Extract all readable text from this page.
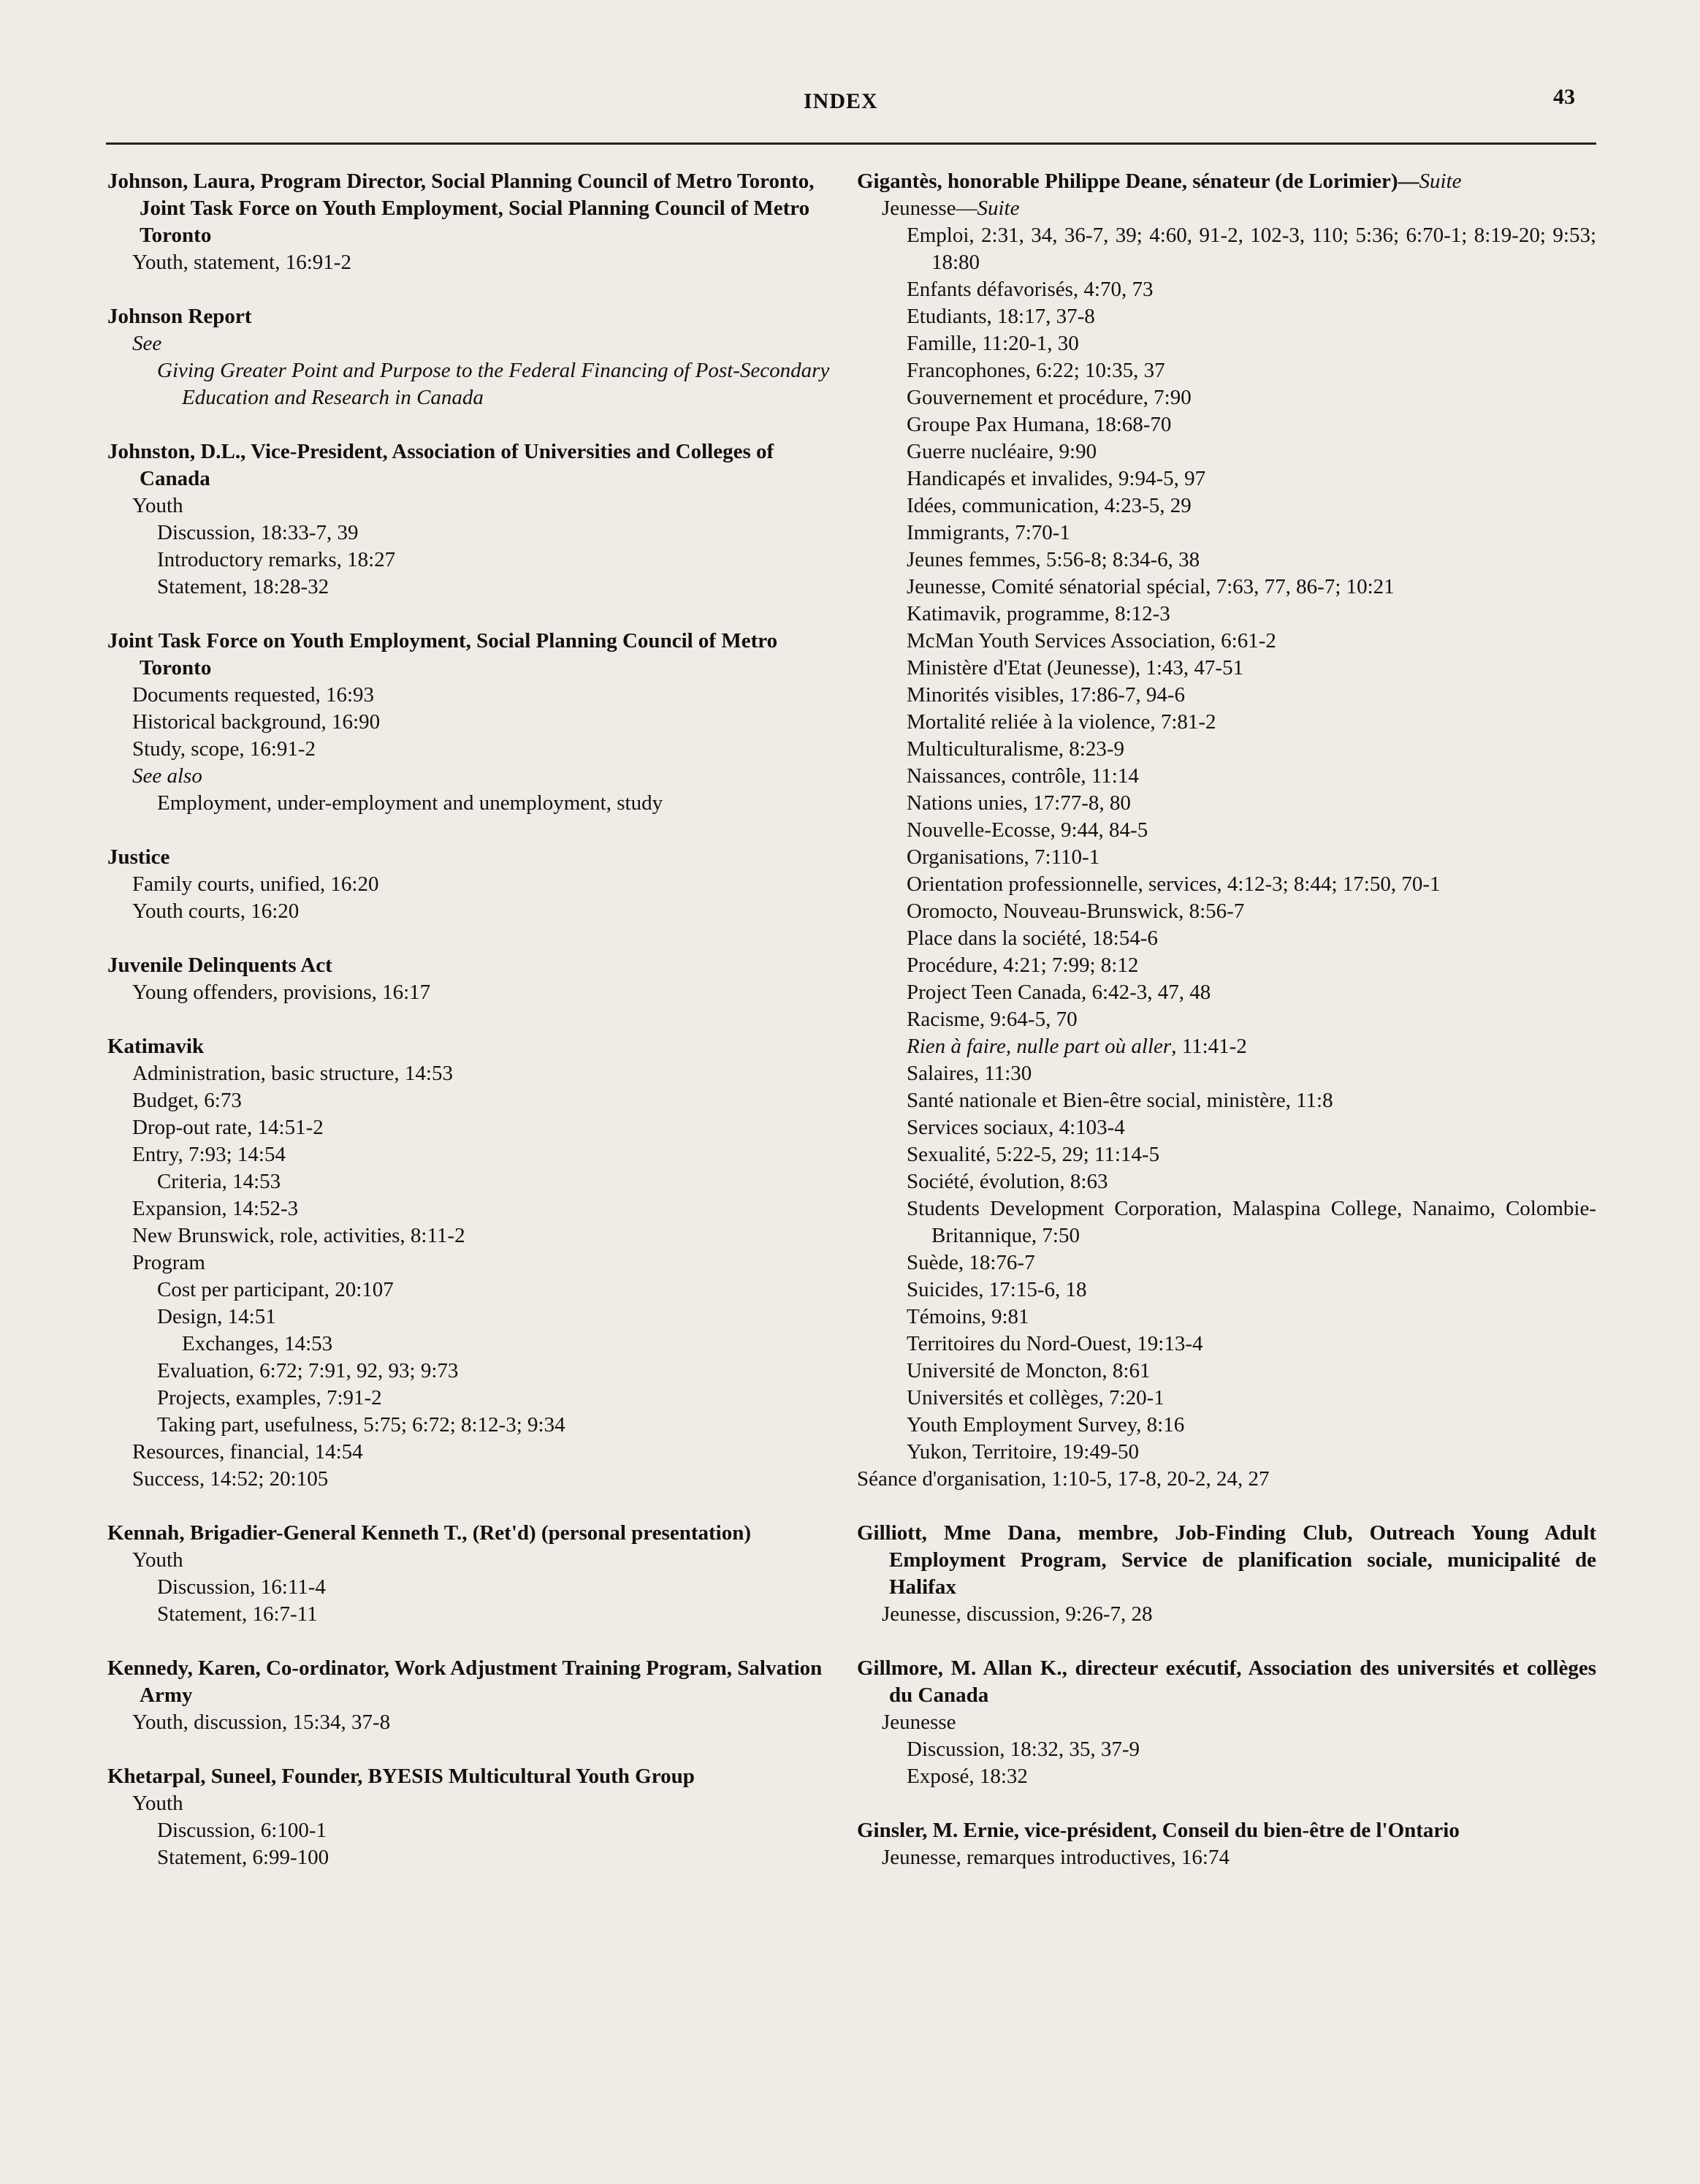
INDEX	43
Johnson, Laura, Program Director, Social Planning Council of Metro Toronto, Joint Task Force on Youth Employment, Social Planning Council of Metro Toronto
Youth, statement, 16:91-2
Johnson Report
See
Giving Greater Point and Purpose to the Federal Financing of Post-Secondary Education and Research in Canada
Johnston, D.L., Vice-President, Association of Universities and Colleges of Canada
Youth
Discussion, 18:33-7, 39
Introductory remarks, 18:27
Statement, 18:28-32
Joint Task Force on Youth Employment, Social Planning Council of Metro Toronto
Documents requested, 16:93
Historical background, 16:90
Study, scope, 16:91-2
See also
Employment, under-employment and unemployment, study
Justice
Family courts, unified, 16:20
Youth courts, 16:20
Juvenile Delinquents Act
Young offenders, provisions, 16:17
Katimavik
Administration, basic structure, 14:53
Budget, 6:73
Drop-out rate, 14:51-2
Entry, 7:93; 14:54
Criteria, 14:53
Expansion, 14:52-3
New Brunswick, role, activities, 8:11-2
Program
Cost per participant, 20:107
Design, 14:51
Exchanges, 14:53
Evaluation, 6:72; 7:91, 92, 93; 9:73
Projects, examples, 7:91-2
Taking part, usefulness, 5:75; 6:72; 8:12-3; 9:34
Resources, financial, 14:54
Success, 14:52; 20:105
Kennah, Brigadier-General Kenneth T., (Ret'd) (personal presentation)
Youth
Discussion, 16:11-4
Statement, 16:7-11
Kennedy, Karen, Co-ordinator, Work Adjustment Training Program, Salvation Army
Youth, discussion, 15:34, 37-8
Khetarpal, Suneel, Founder, BYESIS Multicultural Youth Group
Youth
Discussion, 6:100-1
Statement, 6:99-100
Gigantès, honorable Philippe Deane, sénateur (de Lorimier)—Suite
Jeunesse—Suite
Emploi, 2:31, 34, 36-7, 39; 4:60, 91-2, 102-3, 110; 5:36; 6:70-1; 8:19-20; 9:53; 18:80
Enfants défavorisés, 4:70, 73
Etudiants, 18:17, 37-8
Famille, 11:20-1, 30
Francophones, 6:22; 10:35, 37
Gouvernement et procédure, 7:90
Groupe Pax Humana, 18:68-70
Guerre nucléaire, 9:90
Handicapés et invalides, 9:94-5, 97
Idées, communication, 4:23-5, 29
Immigrants, 7:70-1
Jeunes femmes, 5:56-8; 8:34-6, 38
Jeunesse, Comité sénatorial spécial, 7:63, 77, 86-7; 10:21
Katimavik, programme, 8:12-3
McMan Youth Services Association, 6:61-2
Ministère d'Etat (Jeunesse), 1:43, 47-51
Minorités visibles, 17:86-7, 94-6
Mortalité reliée à la violence, 7:81-2
Multiculturalisme, 8:23-9
Naissances, contrôle, 11:14
Nations unies, 17:77-8, 80
Nouvelle-Ecosse, 9:44, 84-5
Organisations, 7:110-1
Orientation professionnelle, services, 4:12-3; 8:44; 17:50, 70-1
Oromocto, Nouveau-Brunswick, 8:56-7
Place dans la société, 18:54-6
Procédure, 4:21; 7:99; 8:12
Project Teen Canada, 6:42-3, 47, 48
Racisme, 9:64-5, 70
Rien à faire, nulle part où aller, 11:41-2
Salaires, 11:30
Santé nationale et Bien-être social, ministère, 11:8
Services sociaux, 4:103-4
Sexualité, 5:22-5, 29; 11:14-5
Société, évolution, 8:63
Students Development Corporation, Malaspina College, Nanaimo, Colombie-Britannique, 7:50
Suède, 18:76-7
Suicides, 17:15-6, 18
Témoins, 9:81
Territoires du Nord-Ouest, 19:13-4
Université de Moncton, 8:61
Universités et collèges, 7:20-1
Youth Employment Survey, 8:16
Yukon, Territoire, 19:49-50
Séance d'organisation, 1:10-5, 17-8, 20-2, 24, 27
Gilliott, Mme Dana, membre, Job-Finding Club, Outreach Young Adult Employment Program, Service de planification sociale, municipalité de Halifax
Jeunesse, discussion, 9:26-7, 28
Gillmore, M. Allan K., directeur exécutif, Association des universités et collèges du Canada
Jeunesse
Discussion, 18:32, 35, 37-9
Exposé, 18:32
Ginsler, M. Ernie, vice-président, Conseil du bien-être de l'Ontario
Jeunesse, remarques introductives, 16:74
